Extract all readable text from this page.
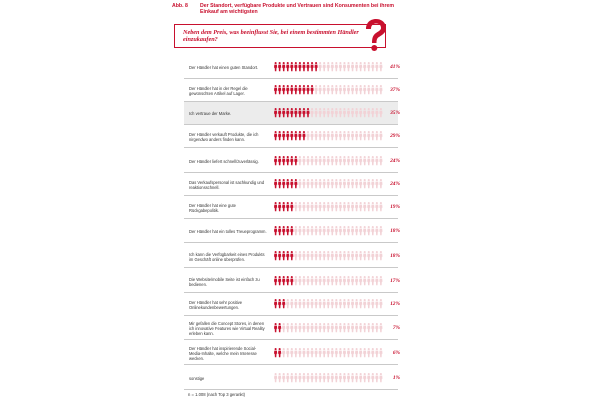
Abb. 8 Der Standort, verfügbare Produkte und Vertrauen sind Konsumenten bei ihrem Einkauf am wichtigsten
Neben dem Preis, was beeinflusst Sie, bei einem bestimmten Händler einzukaufen?
Der Händler hat einen guten Standort.	41%
Der Händler hat in der Regel die gewünschten Artikel auf Lager.
37%
Ich vertraue der Marke.	35%
Der Händler verkauft Produkte, die ich nirgendwo anders finden kann.
29%
Der Händler liefert schnell/zuverlässig.	24%
Das Verkaufspersonal ist sachkundig und reaktionsschnell.
24%
Der Händler hat eine gute Rückgabepolitik.
19%
Der Händler hat ein tolles Treueprogramm.	18%
Ich kann die Verfügbarkeit eines Produkts im Geschäft online überprüfen.
18%
Die Website/mobile Seite ist einfach zu bedienen.
17%
Der Händler hat sehr positive Onlinekundenbewertungen.
12%
Mir gefallen die Concept Stores, in denen ich innovative Features wie Virtual Reality erleben kann.
7%
Der Händler hat inspirierende Social-Media-Inhalte, welche mein Interesse wecken.
6%
sonstige	1%
n = 1.008 (nach Top 3 gerankt)
